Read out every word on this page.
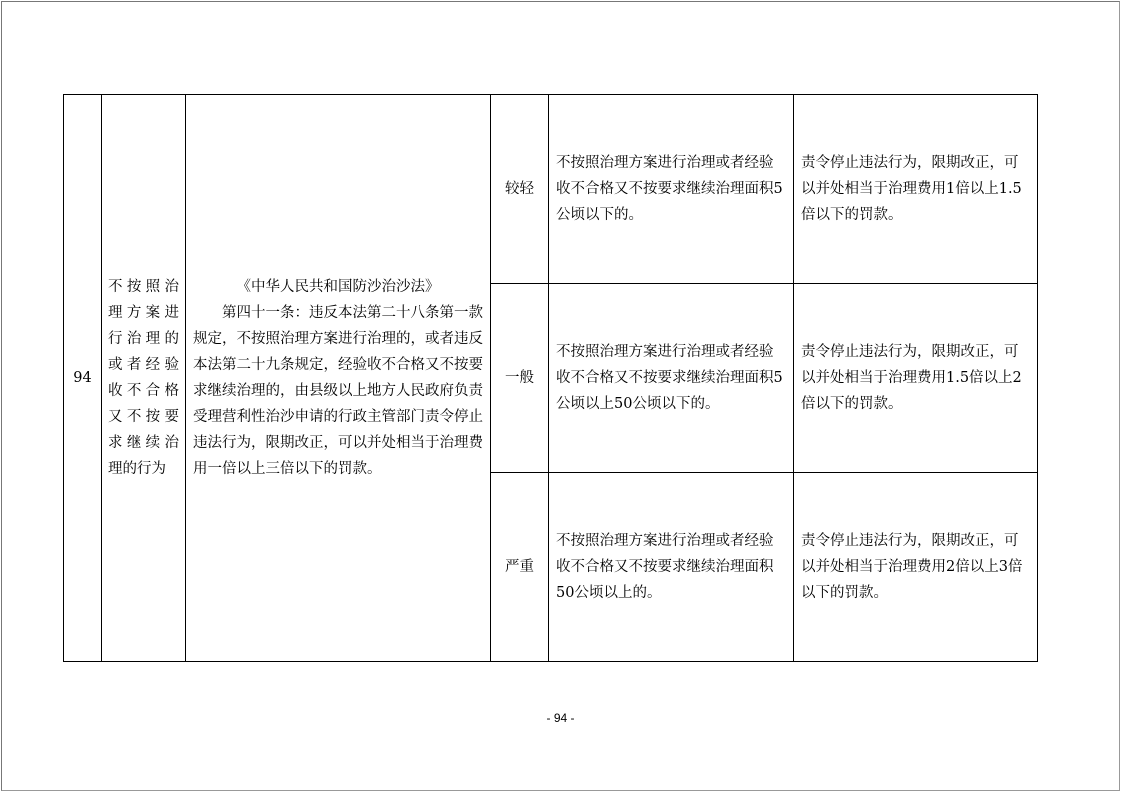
94	不按照治理方案进行治理的或者经验收不合格又不按要求继续治理的行为	《中华人民共和国防沙治沙法》
第四十一条：违反本法第二十八条第一款规定，不按照治理方案进行治理的，或者违反本法第二十九条规定，经验收不合格又不按要求继续治理的，由县级以上地方人民政府负责受理营利性治沙申请的行政主管部门责令停止违法行为，限期改正，可以并处相当于治理费用一倍以上三倍以下的罚款。	较轻	不按照治理方案进行治理或者经验收不合格又不按要求继续治理面积5公顷以下的。	责令停止违法行为，限期改正，可以并处相当于治理费用1倍以上1.5倍以下的罚款。

			一般	不按照治理方案进行治理或者经验收不合格又不按要求继续治理面积5公顷以上50公顷以下的。	责令停止违法行为，限期改正，可以并处相当于治理费用1.5倍以上2倍以下的罚款。

			严重	不按照治理方案进行治理或者经验收不合格又不按要求继续治理面积50公顷以上的。	责令停止违法行为，限期改正，可以并处相当于治理费用2倍以上3倍以下的罚款。
- 94 -
